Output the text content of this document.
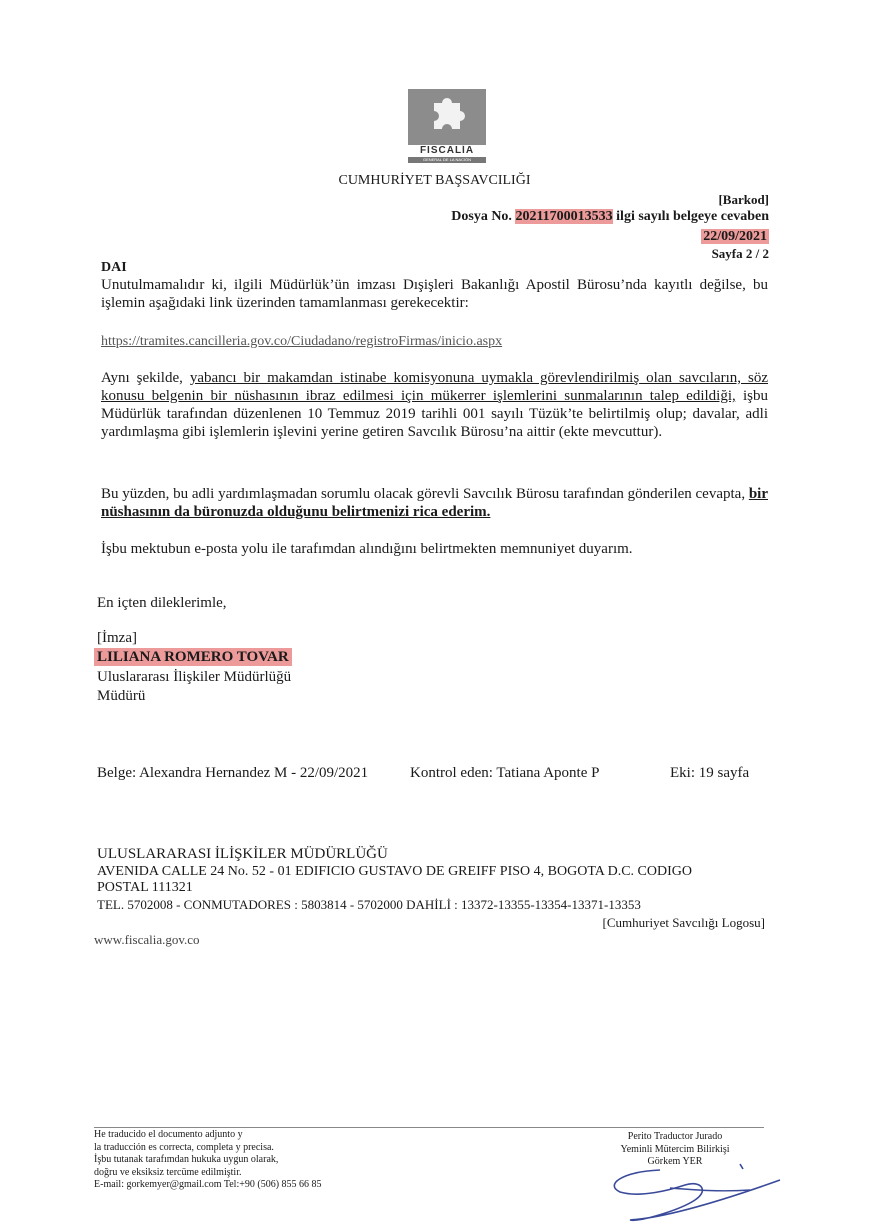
FISCALÍA
GENERAL DE LA NACIÓN
CUMHURİYET BAŞSAVCILIĞI
[Barkod]
Dosya No. 20211700013533 ilgi sayılı belgeye cevaben
22/09/2021
Sayfa 2 / 2
DAI
Unutulmamalıdır ki, ilgili Müdürlük’ün imzası Dışişleri Bakanlığı Apostil Bürosu’nda kayıtlı değilse, bu işlemin aşağıdaki link üzerinden tamamlanması gerekecektir:
https://tramites.cancilleria.gov.co/Ciudadano/registroFirmas/inicio.aspx
Aynı şekilde, yabancı bir makamdan istinabe komisyonuna uymakla görevlendirilmiş olan savcıların, söz konusu belgenin bir nüshasının ibraz edilmesi için mükerrer işlemlerini sunmalarının talep edildiği, işbu Müdürlük tarafından düzenlenen 10 Temmuz 2019 tarihli 001 sayılı Tüzük’te belirtilmiş olup; davalar, adli yardımlaşma gibi işlemlerin işlevini yerine getiren Savcılık Bürosu’na aittir (ekte mevcuttur).
Bu yüzden, bu adli yardımlaşmadan sorumlu olacak görevli Savcılık Bürosu tarafından gönderilen cevapta, bir nüshasının da büronuzda olduğunu belirtmenizi rica ederim.
İşbu mektubun e-posta yolu ile tarafımdan alındığını belirtmekten memnuniyet duyarım.
En içten dileklerimle,
[İmza]
LILIANA ROMERO TOVAR
Uluslararası İlişkiler Müdürlüğü
Müdürü
Belge: Alexandra Hernandez M - 22/09/2021	Kontrol eden: Tatiana Aponte P	Eki: 19 sayfa
ULUSLARARASI İLİŞKİLER MÜDÜRLÜĞÜ
AVENIDA CALLE 24 No. 52 - 01 EDIFICIO GUSTAVO DE GREIFF PISO 4, BOGOTA D.C. CODIGO
POSTAL 111321
TEL. 5702008 - CONMUTADORES : 5803814 - 5702000 DAHİLİ : 13372-13355-13354-13371-13353
[Cumhuriyet Savcılığı Logosu]
www.fiscalia.gov.co
He traducido el documento adjunto y
la traducción es correcta, completa y precisa.
İşbu tutanak tarafımdan hukuka uygun olarak,
doğru ve eksiksiz tercüme edilmiştir.
E-mail: gorkemyer@gmail.com Tel:+90 (506) 855 66 85
Perito Traductor Jurado
Yeminli Mütercim Bilirkişi
Görkem YER
